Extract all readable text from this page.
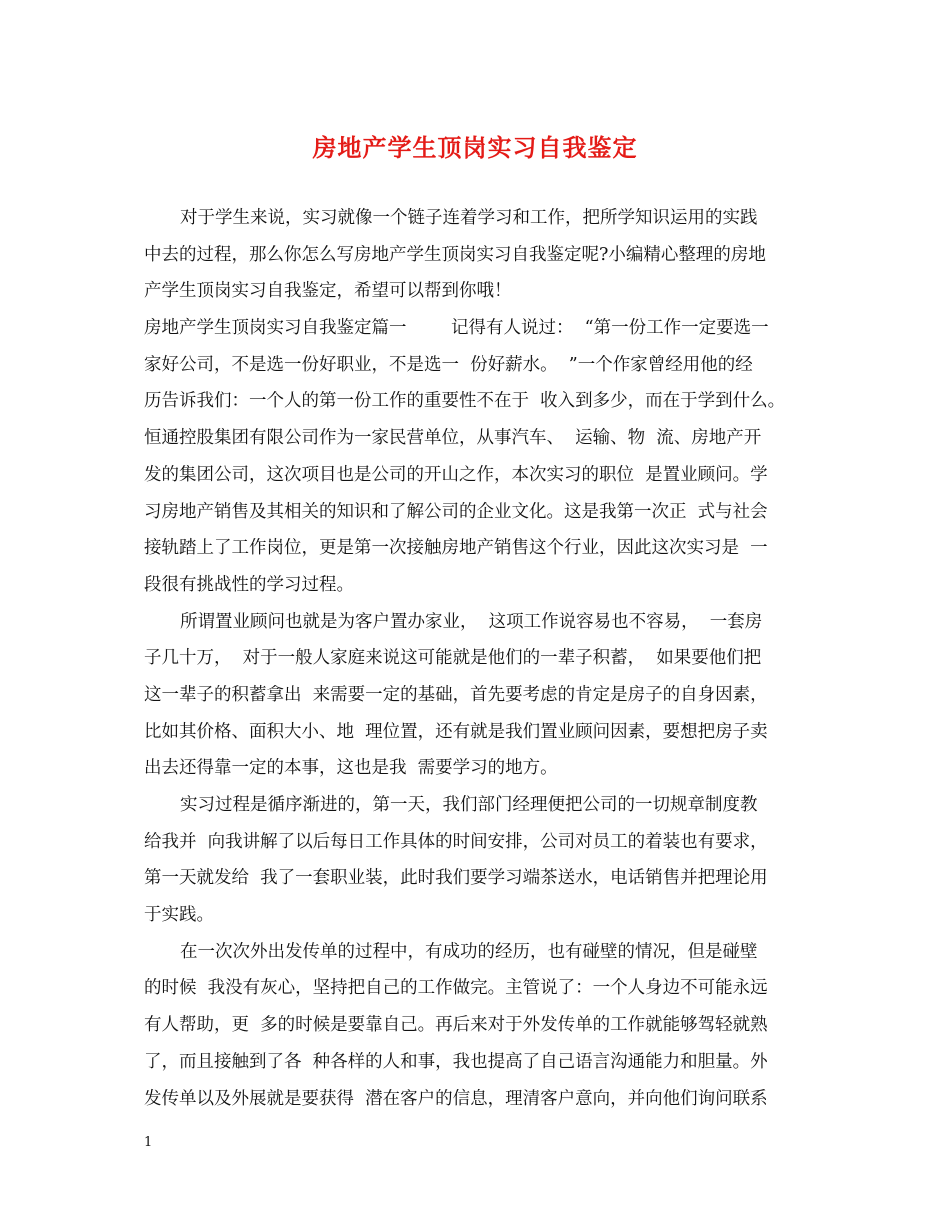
房地产学生顶岗实习自我鉴定
对于学生来说，实习就像一个链子连着学习和工作，把所学知识运用的实践
中去的过程，那么你怎么写房地产学生顶岗实习自我鉴定呢?小编精心整理的房地
产学生顶岗实习自我鉴定，希望可以帮到你哦！
房地产学生顶岗实习自我鉴定篇一        记得有人说过：  “第一份工作一定要选一
家好公司，不是选一份好职业，不是选一  份好薪水。  ”一个作家曾经用他的经
历告诉我们：一个人的第一份工作的重要性不在于  收入到多少，而在于学到什么。
恒通控股集团有限公司作为一家民营单位，从事汽车、  运输、物  流、房地产开
发的集团公司，这次项目也是公司的开山之作，本次实习的职位  是置业顾问。学
习房地产销售及其相关的知识和了解公司的企业文化。这是我第一次正  式与社会
接轨踏上了工作岗位，更是第一次接触房地产销售这个行业，因此这次实习是  一
段很有挑战性的学习过程。
所谓置业顾问也就是为客户置办家业，  这项工作说容易也不容易，  一套房
子几十万，  对于一般人家庭来说这可能就是他们的一辈子积蓄，  如果要他们把
这一辈子的积蓄拿出  来需要一定的基础，首先要考虑的肯定是房子的自身因素，
比如其价格、面积大小、地  理位置，还有就是我们置业顾问因素，要想把房子卖
出去还得靠一定的本事，这也是我  需要学习的地方。
实习过程是循序渐进的，第一天，我们部门经理便把公司的一切规章制度教
给我并  向我讲解了以后每日工作具体的时间安排，公司对员工的着装也有要求，
第一天就发给  我了一套职业装，此时我们要学习端茶送水，电话销售并把理论用
于实践。
在一次次外出发传单的过程中，有成功的经历，也有碰壁的情况，但是碰壁
的时候  我没有灰心，坚持把自己的工作做完。主管说了：一个人身边不可能永远
有人帮助，更  多的时候是要靠自己。再后来对于外发传单的工作就能够驾轻就熟
了，而且接触到了各  种各样的人和事，我也提高了自己语言沟通能力和胆量。外
发传单以及外展就是要获得  潜在客户的信息，理清客户意向，并向他们询问联系
1
